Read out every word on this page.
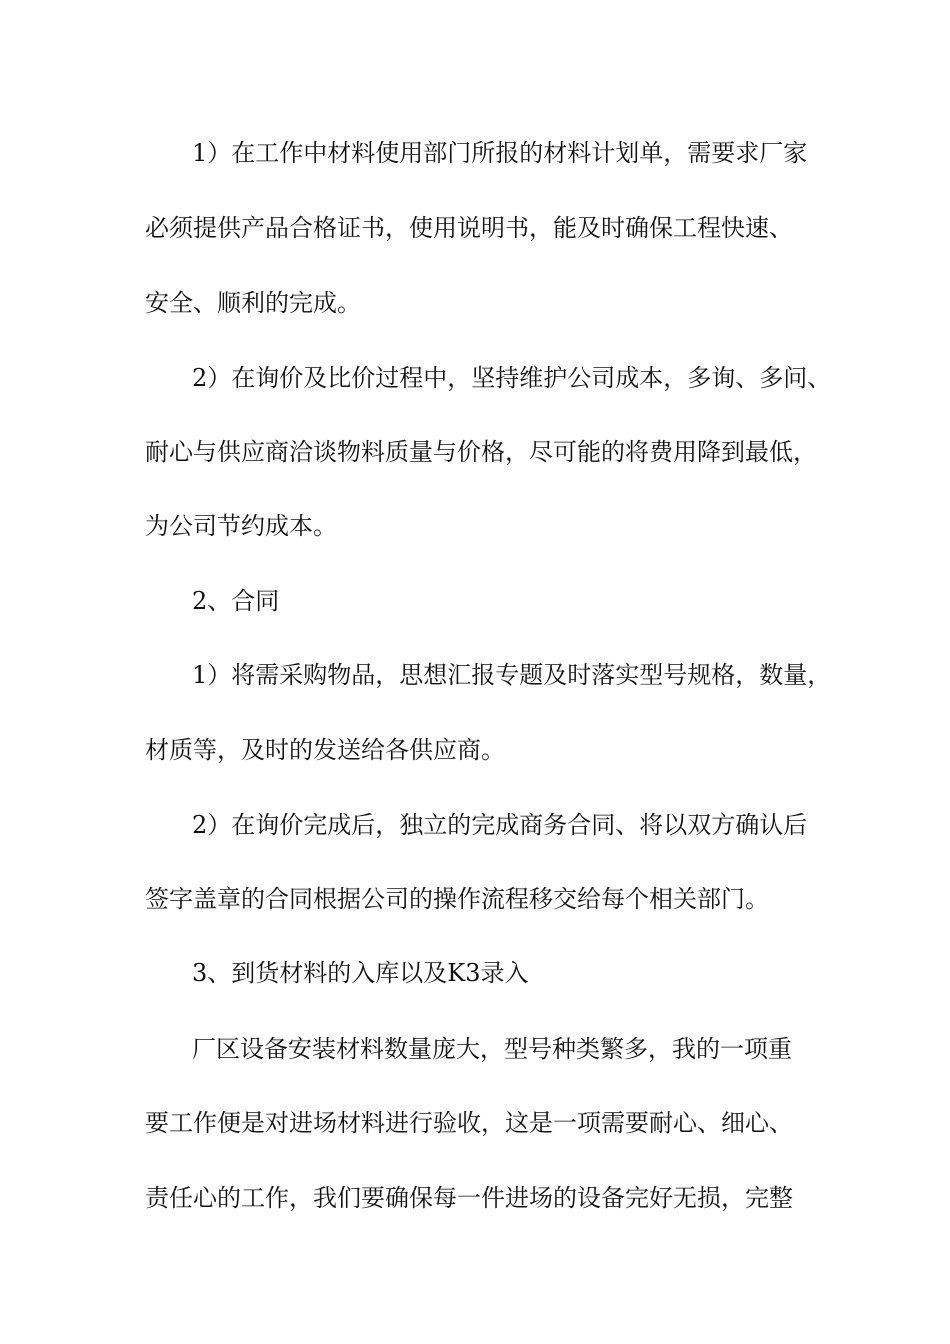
1）在工作中材料使用部门所报的材料计划单，需要求厂家
必须提供产品合格证书，使用说明书，能及时确保工程快速、
安全、顺利的完成。
2）在询价及比价过程中，坚持维护公司成本，多询、多问、
耐心与供应商洽谈物料质量与价格，尽可能的将费用降到最低，
为公司节约成本。
2、合同
1）将需采购物品，思想汇报专题及时落实型号规格，数量，
材质等，及时的发送给各供应商。
2）在询价完成后，独立的完成商务合同、将以双方确认后
签字盖章的合同根据公司的操作流程移交给每个相关部门。
3、到货材料的入库以及K3录入
厂区设备安装材料数量庞大，型号种类繁多，我的一项重
要工作便是对进场材料进行验收，这是一项需要耐心、细心、
责任心的工作，我们要确保每一件进场的设备完好无损，完整
